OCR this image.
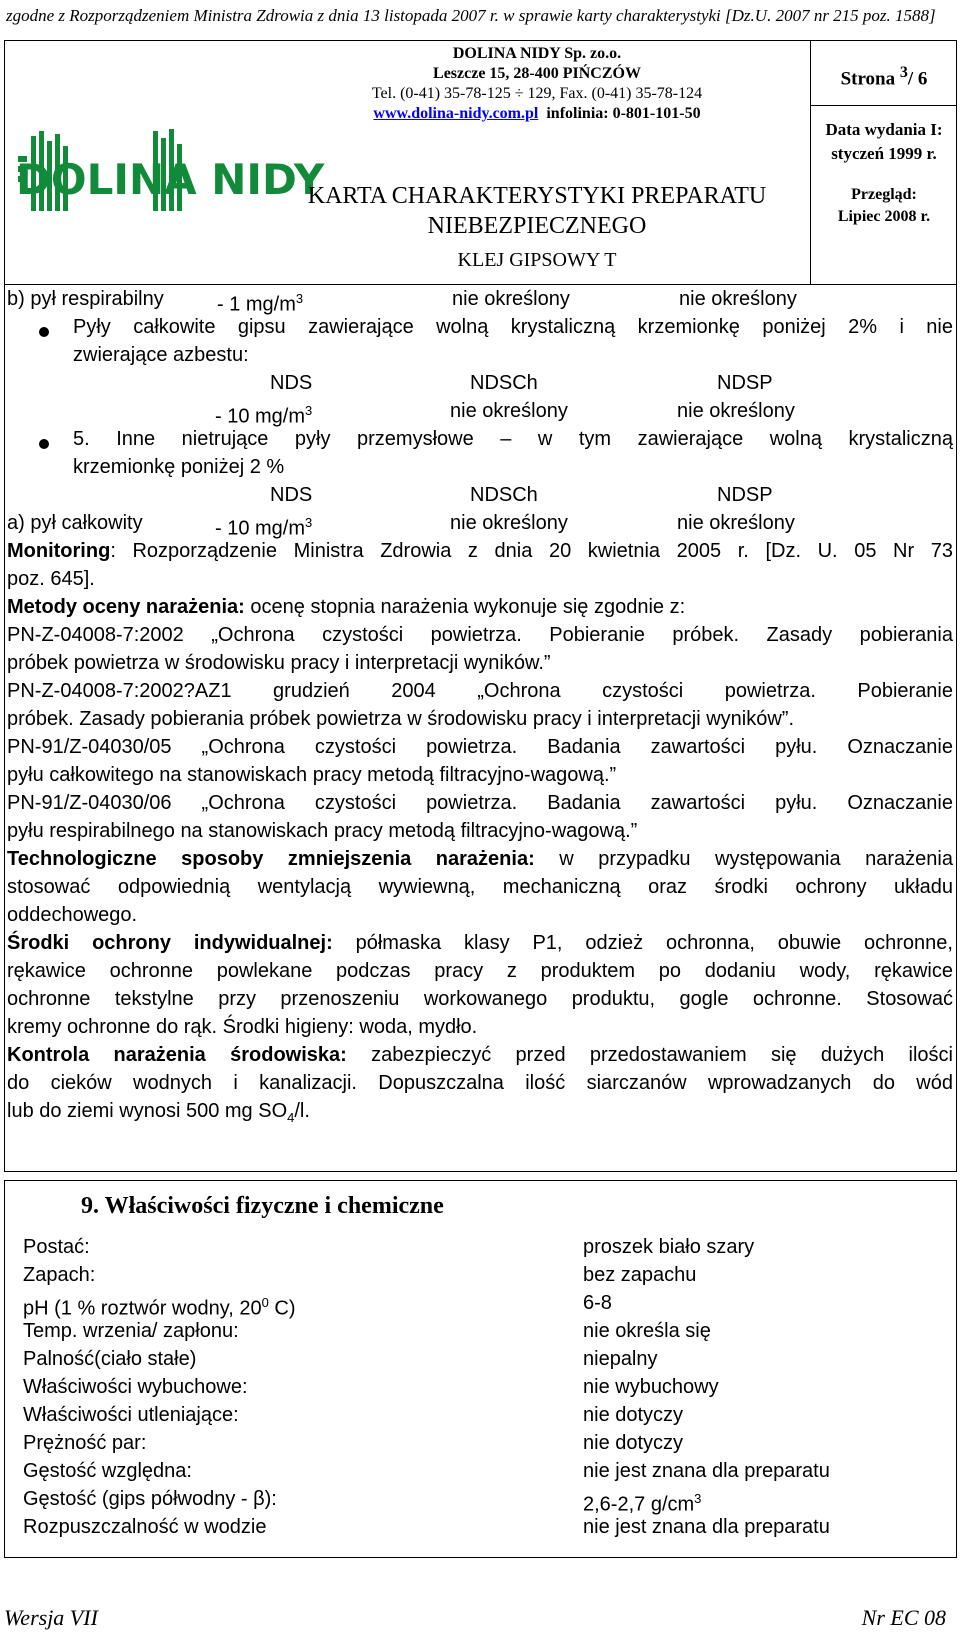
zgodne z Rozporządzeniem Ministra Zdrowia z dnia 13 listopada 2007 r. w sprawie karty charakterystyki [Dz.U. 2007 nr 215 poz. 1588]
DOLINA NIDY
DOLINA NIDY Sp. zo.o.
Leszcze 15, 28-400 PIŃCZÓW
Tel. (0-41) 35-78-125 ÷ 129, Fax. (0-41) 35-78-124
www.dolina-nidy.com.pl infolinia: 0-801-101-50
KARTA CHARAKTERYSTYKI PREPARATU NIEBEZPIECZNEGO
KLEJ GIPSOWY T
Strona $^3$/ 6
Data wydania I:
styczeń 1999 r.
Przegląd:
Lipiec 2008 r.
b) pył respirabilny	- 1 $mg/m^3$	nie określony	nie określony
Pyły całkowite gipsu zawierające wolną krystaliczną krzemionkę poniżej 2% i nie
zwierające azbestu:
NDS	NDSCh	NDSP
- 10 $mg/m^3$	nie określony	nie określony
5. Inne nietrujące pyły przemysłowe – w tym zawierające wolną krystaliczną
krzemionkę poniżej 2 %
NDS	NDSCh	NDSP
a) pył całkowity	- 10 $mg/m^3$	nie określony	nie określony
Monitoring: Rozporządzenie Ministra Zdrowia z dnia 20 kwietnia 2005 r. [Dz. U. 05 Nr 73
poz. 645].
Metody oceny narażenia: ocenę stopnia narażenia wykonuje się zgodnie z:
PN-Z-04008-7:2002 „Ochrona czystości powietrza. Pobieranie próbek. Zasady pobierania
próbek powietrza w środowisku pracy i interpretacji wyników.”
PN-Z-04008-7:2002?AZ1 grudzień 2004 „Ochrona czystości powietrza. Pobieranie
próbek. Zasady pobierania próbek powietrza w środowisku pracy i interpretacji wyników”.
PN-91/Z-04030/05 „Ochrona czystości powietrza. Badania zawartości pyłu. Oznaczanie
pyłu całkowitego na stanowiskach pracy metodą filtracyjno-wagową.”
PN-91/Z-04030/06 „Ochrona czystości powietrza. Badania zawartości pyłu. Oznaczanie
pyłu respirabilnego na stanowiskach pracy metodą filtracyjno-wagową.”
Technologiczne sposoby zmniejszenia narażenia: w przypadku występowania narażenia
stosować odpowiednią wentylacją wywiewną, mechaniczną oraz środki ochrony układu
oddechowego.
Środki ochrony indywidualnej: półmaska klasy P1, odzież ochronna, obuwie ochronne,
rękawice ochronne powlekane podczas pracy z produktem po dodaniu wody, rękawice
ochronne tekstylne przy przenoszeniu workowanego produktu, gogle ochronne. Stosować
kremy ochronne do rąk. Środki higieny: woda, mydło.
Kontrola narażenia środowiska: zabezpieczyć przed przedostawaniem się dużych ilości
do cieków wodnych i kanalizacji. Dopuszczalna ilość siarczanów wprowadzanych do wód
lub do ziemi wynosi 500 mg $SO_4/l$.
9. Właściwości fizyczne i chemiczne
Postać:	proszek biało szary
Zapach:	bez zapachu
pH (1 % roztwór wodny, $20^0$ C)	6-8
Temp. wrzenia/ zapłonu:	nie określa się
Palność(ciało stałe)	niepalny
Właściwości wybuchowe:	nie wybuchowy
Właściwości utleniające:	nie dotyczy
Prężność par:	nie dotyczy
Gęstość względna:	nie jest znana dla preparatu
Gęstość (gips półwodny - β):	2,6-2,7 $g/cm^3$
Rozpuszczalność w wodzie	nie jest znana dla preparatu
Wersja VII	Nr EC 08
